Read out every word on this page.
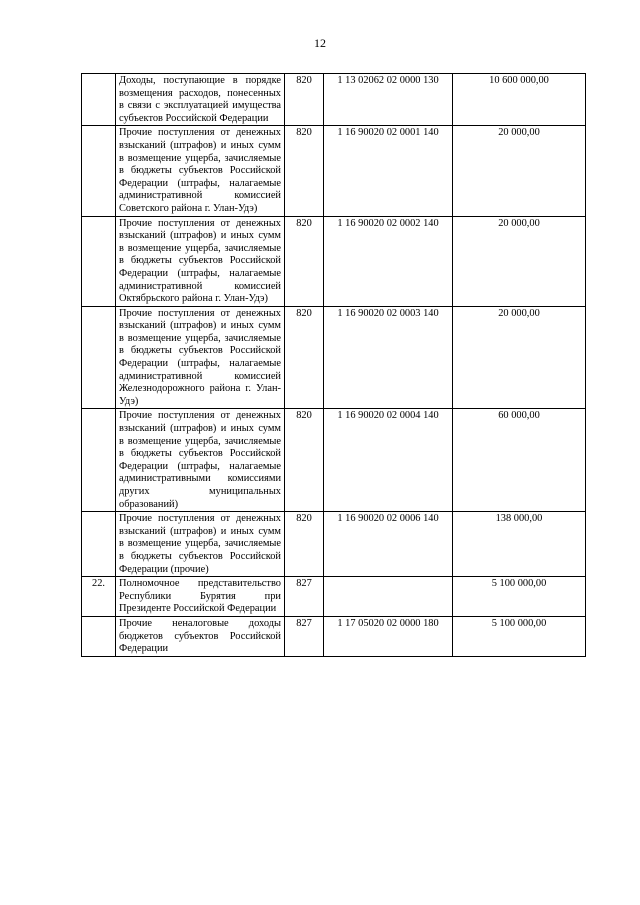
12
	Доходы, поступающие в порядке возмещения расходов, понесенных в связи с эксплуатацией имущества субъектов Российской Федерации	820	1 13 02062 02 0000 130	10 600 000,00
	Прочие поступления от денежных взысканий (штрафов) и иных сумм в возмещение ущерба, зачисляемые в бюджеты субъектов Российской Федерации (штрафы, налагаемые административной комиссией Советского района г. Улан-Удэ)	820	1 16 90020 02 0001 140	20 000,00
	Прочие поступления от денежных взысканий (штрафов) и иных сумм в возмещение ущерба, зачисляемые в бюджеты субъектов Российской Федерации (штрафы, налагаемые административной комиссией Октябрьского района г. Улан-Удэ)	820	1 16 90020 02 0002 140	20 000,00
	Прочие поступления от денежных взысканий (штрафов) и иных сумм в возмещение ущерба, зачисляемые в бюджеты субъектов Российской Федерации (штрафы, налагаемые административной комиссией Железнодорожного района г. Улан-Удэ)	820	1 16 90020 02 0003 140	20 000,00
	Прочие поступления от денежных взысканий (штрафов) и иных сумм в возмещение ущерба, зачисляемые в бюджеты субъектов Российской Федерации (штрафы, налагаемые административными комиссиями других муниципальных образований)	820	1 16 90020 02 0004 140	60 000,00
	Прочие поступления от денежных взысканий (штрафов) и иных сумм в возмещение ущерба, зачисляемые в бюджеты субъектов Российской Федерации (прочие)	820	1 16 90020 02 0006 140	138 000,00
22.	Полномочное представительство Республики Бурятия при Президенте Российской Федерации	827		5 100 000,00
	Прочие неналоговые доходы бюджетов субъектов Российской Федерации	827	1 17 05020 02 0000 180	5 100 000,00
